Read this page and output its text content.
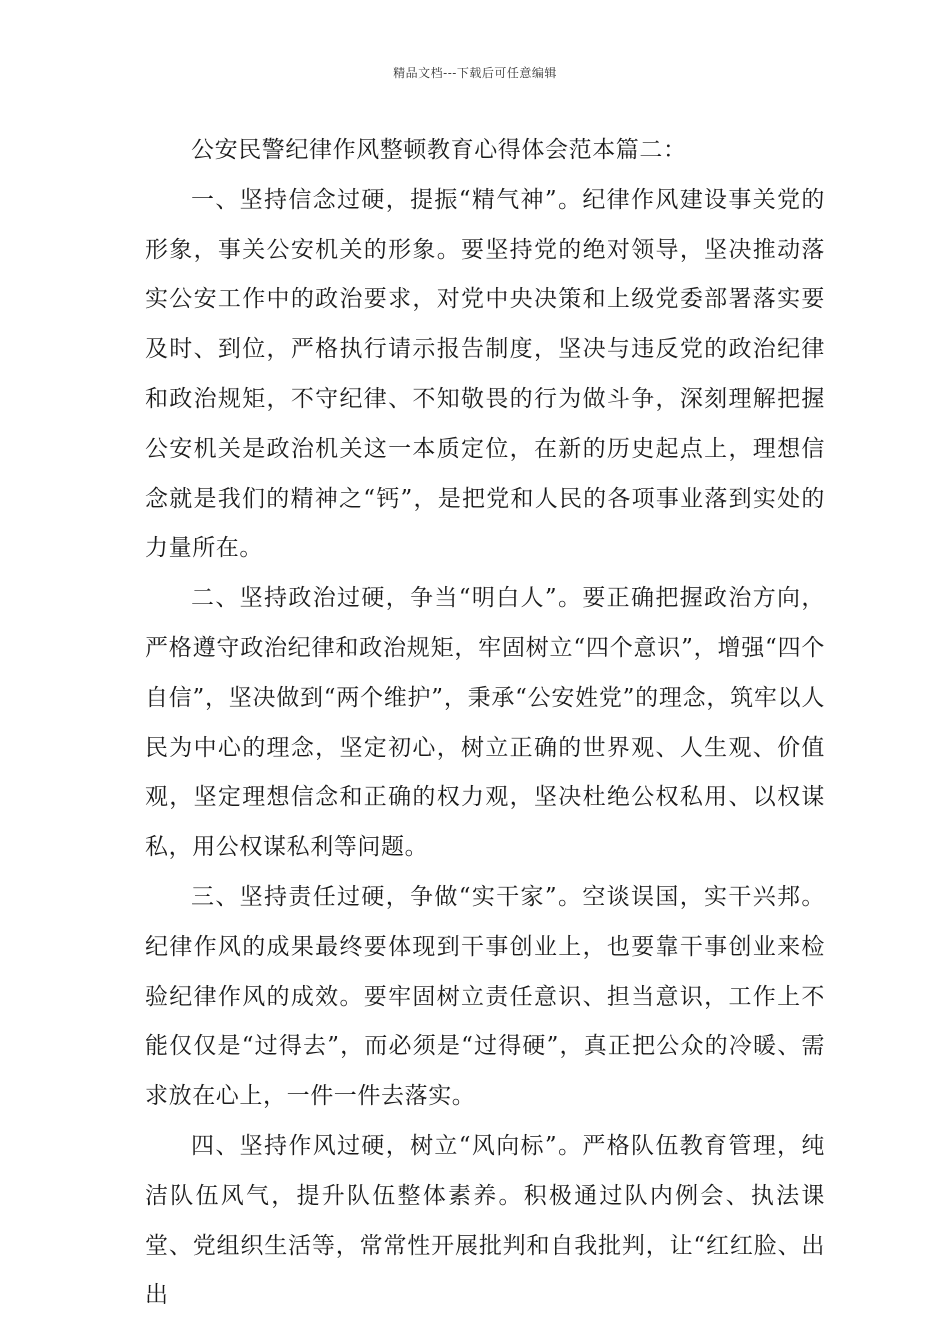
精品文档---下载后可任意编辑

公安民警纪律作风整顿教育心得体会范本篇二：

一、坚持信念过硬，提振“精气神”。纪律作风建设事关党的形象，事关公安机关的形象。要坚持党的绝对领导，坚决推动落实公安工作中的政治要求，对党中央决策和上级党委部署落实要及时、到位，严格执行请示报告制度，坚决与违反党的政治纪律和政治规矩，不守纪律、不知敬畏的行为做斗争，深刻理解把握公安机关是政治机关这一本质定位，在新的历史起点上，理想信念就是我们的精神之“钙”，是把党和人民的各项事业落到实处的力量所在。

二、坚持政治过硬，争当“明白人”。要正确把握政治方向，严格遵守政治纪律和政治规矩，牢固树立“四个意识”，增强“四个自信”，坚决做到“两个维护”，秉承“公安姓党”的理念，筑牢以人民为中心的理念，坚定初心，树立正确的世界观、人生观、价值观，坚定理想信念和正确的权力观，坚决杜绝公权私用、以权谋私，用公权谋私利等问题。

三、坚持责任过硬，争做“实干家”。空谈误国，实干兴邦。纪律作风的成果最终要体现到干事创业上，也要靠干事创业来检验纪律作风的成效。要牢固树立责任意识、担当意识，工作上不能仅仅是“过得去”，而必须是“过得硬”，真正把公众的冷暖、需求放在心上，一件一件去落实。

四、坚持作风过硬，树立“风向标”。严格队伍教育管理，纯洁队伍风气，提升队伍整体素养。积极通过队内例会、执法课堂、党组织生活等，常常性开展批判和自我批判，让“红红脸、出出
